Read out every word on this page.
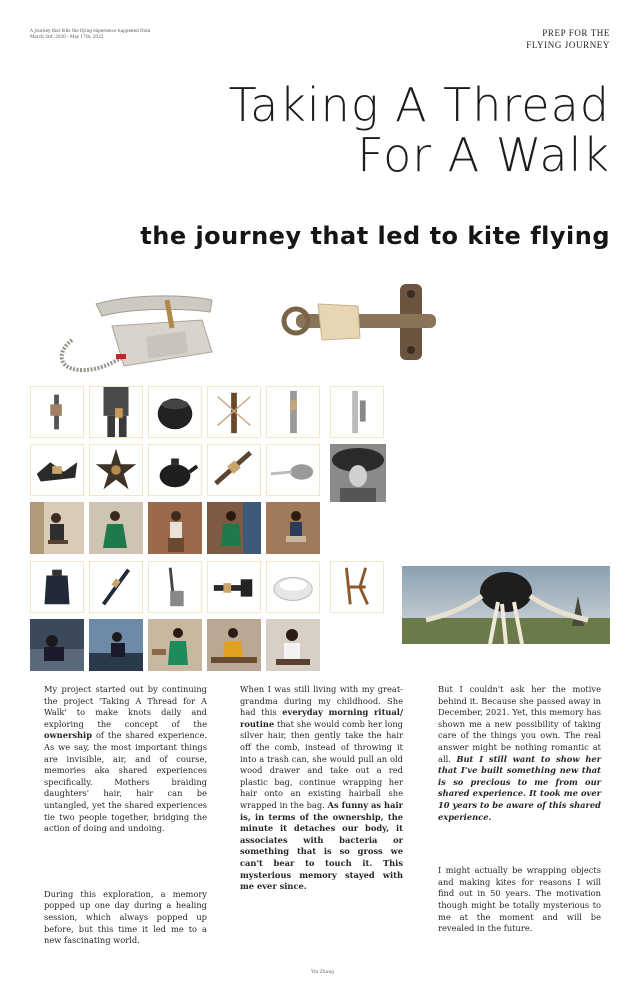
A journey that fells the flying experience happened from March 3rd, 2020 - May 17th, 2022	PREP FOR THE
FLYING JOURNEY
Taking A Thread
For A Walk
the journey that led to kite flying

My project started out by continuing the project 'Taking A Thread for A Walk' to make knots daily and exploring the concept of the ownership of the shared experience. As we say, the most important things are invisible, air, and of course, memories aka shared experiences specifically. Mothers braiding daughters' hair, hair can be untangled, yet the shared experiences tie two people together, bridging the action of doing and undoing.

During this exploration, a memory popped up one day during a healing session, which always popped up before, but this time it led me to a new fascinating world.

When I was still living with my great-grandma during my childhood. She had this everyday morning ritual/ routine that she would comb her long silver hair, then gently take the hair off the comb, instead of throwing it into a trash can, she would pull an old wood drawer and take out a red plastic bag, continue wrapping her hair onto an existing hairball she wrapped in the bag. As funny as hair is, in terms of the ownership, the minute it detaches our body, it associates with bacteria or something that is so gross we can't bear to touch it. This mysterious memory stayed with me ever since.

But I couldn't ask her the motive behind it. Because she passed away in December, 2021. Yet, this memory has shown me a new possibility of taking care of the things you own. The real answer might be nothing romantic at all. But I still want to show her that I've built something new that is so precious to me from our shared experience. It took me over 10 years to be aware of this shared experience.

I might actually be wrapping objects and making kites for reasons I will find out in 50 years. The motivation though might be totally mysterious to me at the moment and will be revealed in the future.

Yin Zhang
